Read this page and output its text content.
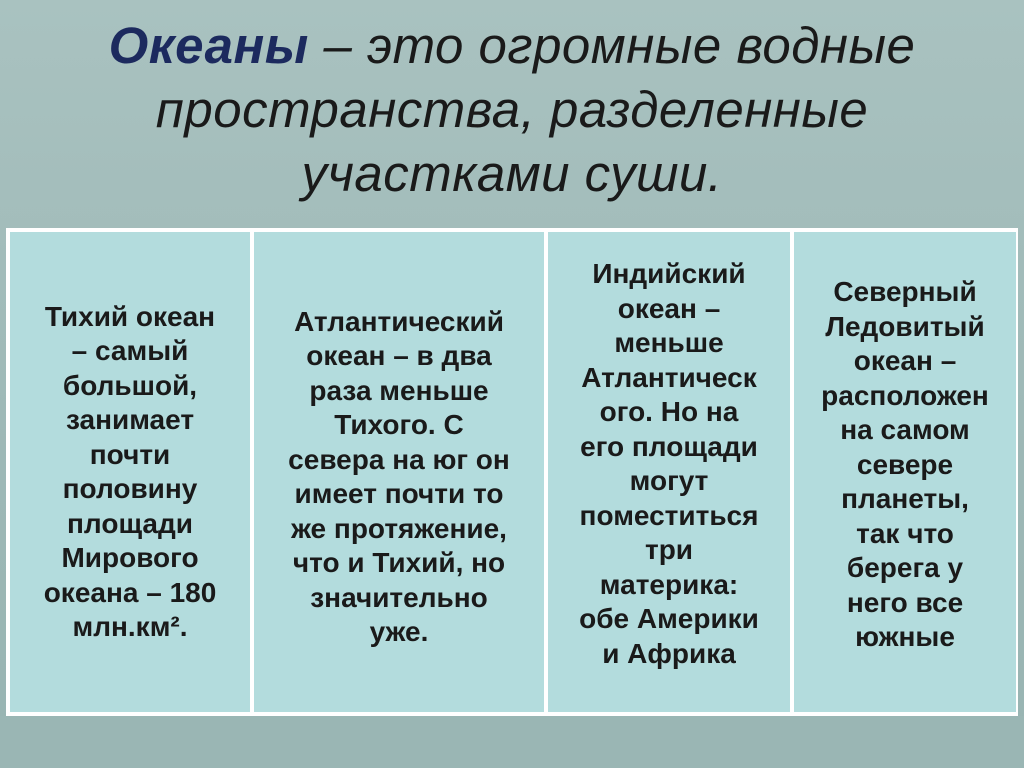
Океаны – это огромные водные пространства, разделенные участками суши.
Тихий океан
– самый
большой,
занимает
почти
половину
площади
Мирового
океана – 180
млн.км².
Атлантический
океан – в два
раза меньше
Тихого. С
севера на юг он
имеет почти то
же протяжение,
что и Тихий, но
значительно
уже.
Индийский
океан –
меньше
Атлантическ
ого. Но на
его площади
могут
поместиться
три
материка:
обе Америки
и Африка
Северный
Ледовитый
океан –
расположен
на самом
севере
планеты,
так что
берега у
него все
южные
